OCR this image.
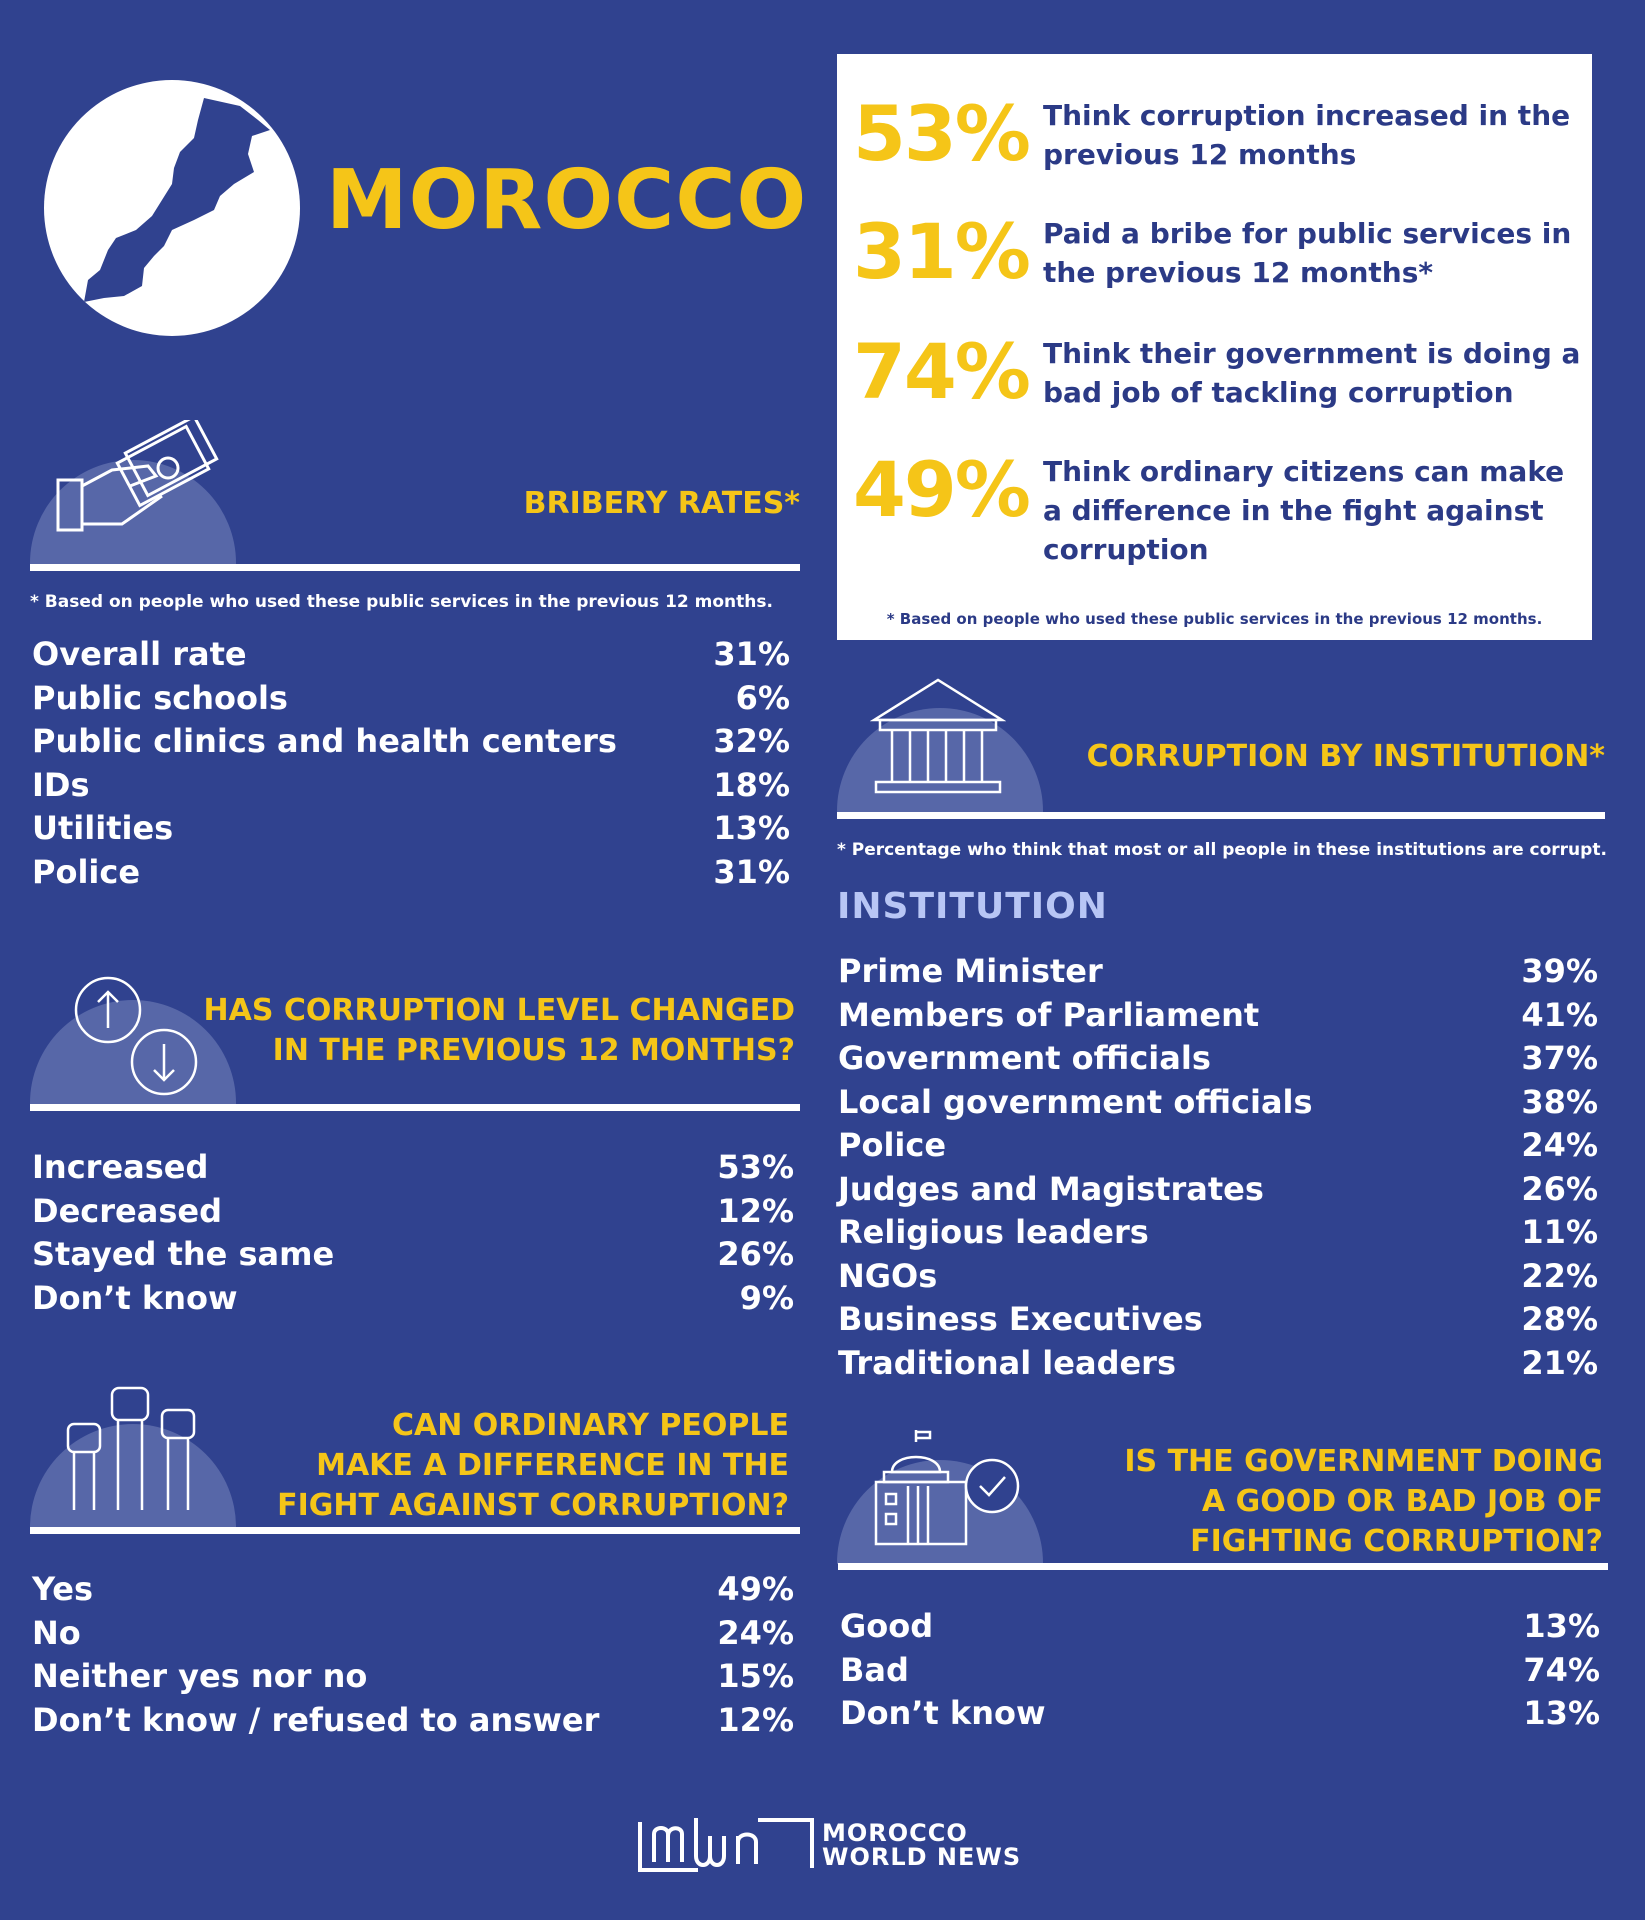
MOROCCO
53% Think corruption increased in the previous 12 months
31% Paid a bribe for public services in the previous 12 months*
74% Think their government is doing a bad job of tackling corruption
49% Think ordinary citizens can make a difference in the fight against corruption
* Based on people who used these public services in the previous 12 months.
BRIBERY RATES*
* Based on people who used these public services in the previous 12 months.
Overall rate	31%
Public schools	6%
Public clinics and health centers	32%
IDs	18%
Utilities	13%
Police	31%
HAS CORRUPTION LEVEL CHANGED
IN THE PREVIOUS 12 MONTHS?
Increased	53%
Decreased	12%
Stayed the same	26%
Don’t know	9%
CAN ORDINARY PEOPLE
MAKE A DIFFERENCE IN THE
FIGHT AGAINST CORRUPTION?
Yes	49%
No	24%
Neither yes nor no	15%
Don’t know / refused to answer	12%
CORRUPTION BY INSTITUTION*
* Percentage who think that most or all people in these institutions are corrupt.
INSTITUTION
Prime Minister	39%
Members of Parliament	41%
Government officials	37%
Local government officials	38%
Police	24%
Judges and Magistrates	26%
Religious leaders	11%
NGOs	22%
Business Executives	28%
Traditional leaders	21%
IS THE GOVERNMENT DOING
A GOOD OR BAD JOB OF
FIGHTING CORRUPTION?
Good	13%
Bad	74%
Don’t know	13%
MOROCCO
WORLD NEWS
